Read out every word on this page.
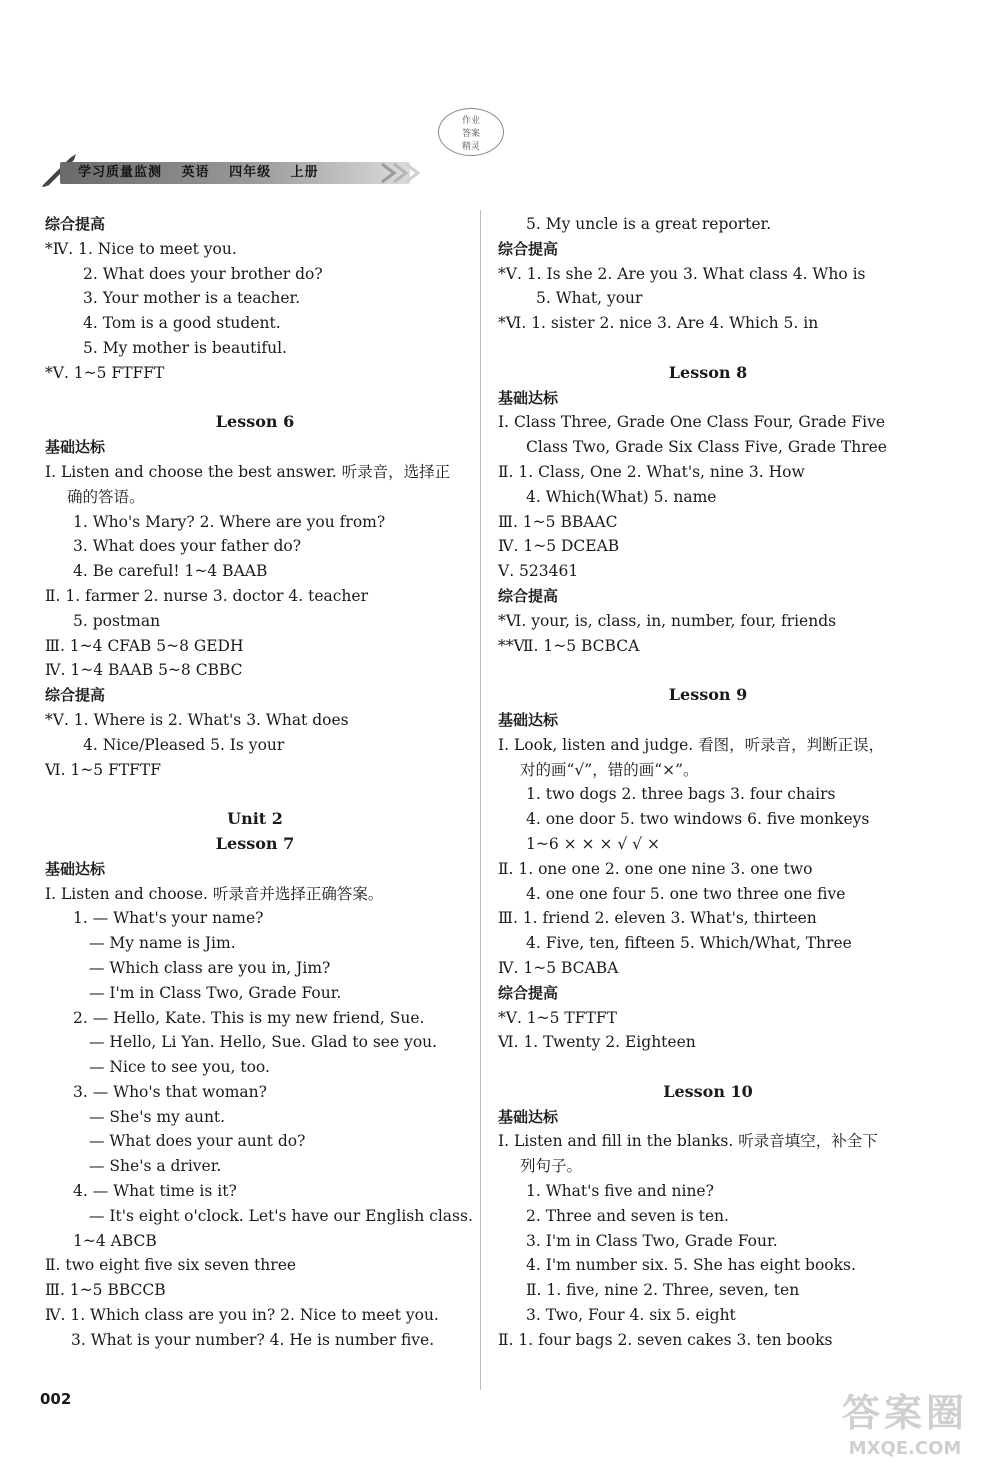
学习质量监测 英语 四年级 上册
作业
答案
精灵
综合提高
*Ⅳ. 1. Nice to meet you.
2. What does your brother do?
3. Your mother is a teacher.
4. Tom is a good student.
5. My mother is beautiful.
*Ⅴ. 1~5 FTFFT
Lesson 6
基础达标
Ⅰ. Listen and choose the best answer. 听录音，选择正
确的答语。
1. Who's Mary? 2. Where are you from?
3. What does your father do?
4. Be careful! 1~4 BAAB
Ⅱ. 1. farmer 2. nurse 3. doctor 4. teacher
5. postman
Ⅲ. 1~4 CFAB 5~8 GEDH
Ⅳ. 1~4 BAAB 5~8 CBBC
综合提高
*Ⅴ. 1. Where is 2. What's 3. What does
4. Nice/Pleased 5. Is your
Ⅵ. 1~5 FTFTF
Unit 2
Lesson 7
基础达标
Ⅰ. Listen and choose. 听录音并选择正确答案。
1. — What's your name?
— My name is Jim.
— Which class are you in, Jim?
— I'm in Class Two, Grade Four.
2. — Hello, Kate. This is my new friend, Sue.
— Hello, Li Yan. Hello, Sue. Glad to see you.
— Nice to see you, too.
3. — Who's that woman?
— She's my aunt.
— What does your aunt do?
— She's a driver.
4. — What time is it?
— It's eight o'clock. Let's have our English class.
1~4 ABCB
Ⅱ. two eight five six seven three
Ⅲ. 1~5 BBCCB
Ⅳ. 1. Which class are you in? 2. Nice to meet you.
3. What is your number? 4. He is number five.
5. My uncle is a great reporter.
综合提高
*Ⅴ. 1. Is she 2. Are you 3. What class 4. Who is
5. What, your
*Ⅵ. 1. sister 2. nice 3. Are 4. Which 5. in
Lesson 8
基础达标
Ⅰ. Class Three, Grade One Class Four, Grade Five
Class Two, Grade Six Class Five, Grade Three
Ⅱ. 1. Class, One 2. What's, nine 3. How
4. Which(What) 5. name
Ⅲ. 1~5 BBAAC
Ⅳ. 1~5 DCEAB
Ⅴ. 523461
综合提高
*Ⅵ. your, is, class, in, number, four, friends
**Ⅶ. 1~5 BCBCA
Lesson 9
基础达标
Ⅰ. Look, listen and judge. 看图，听录音，判断正误，
对的画“√”，错的画“×”。
1. two dogs 2. three bags 3. four chairs
4. one door 5. two windows 6. five monkeys
1~6 × × × √ √ ×
Ⅱ. 1. one one 2. one one nine 3. one two
4. one one four 5. one two three one five
Ⅲ. 1. friend 2. eleven 3. What's, thirteen
4. Five, ten, fifteen 5. Which/What, Three
Ⅳ. 1~5 BCABA
综合提高
*Ⅴ. 1~5 TFTFT
Ⅵ. 1. Twenty 2. Eighteen
Lesson 10
基础达标
Ⅰ. Listen and fill in the blanks. 听录音填空，补全下
列句子。
1. What's five and nine?
2. Three and seven is ten.
3. I'm in Class Two, Grade Four.
4. I'm number six. 5. She has eight books.
Ⅱ. 1. five, nine 2. Three, seven, ten
3. Two, Four 4. six 5. eight
Ⅱ. 1. four bags 2. seven cakes 3. ten books
002	答案圈
MXQE.COM
